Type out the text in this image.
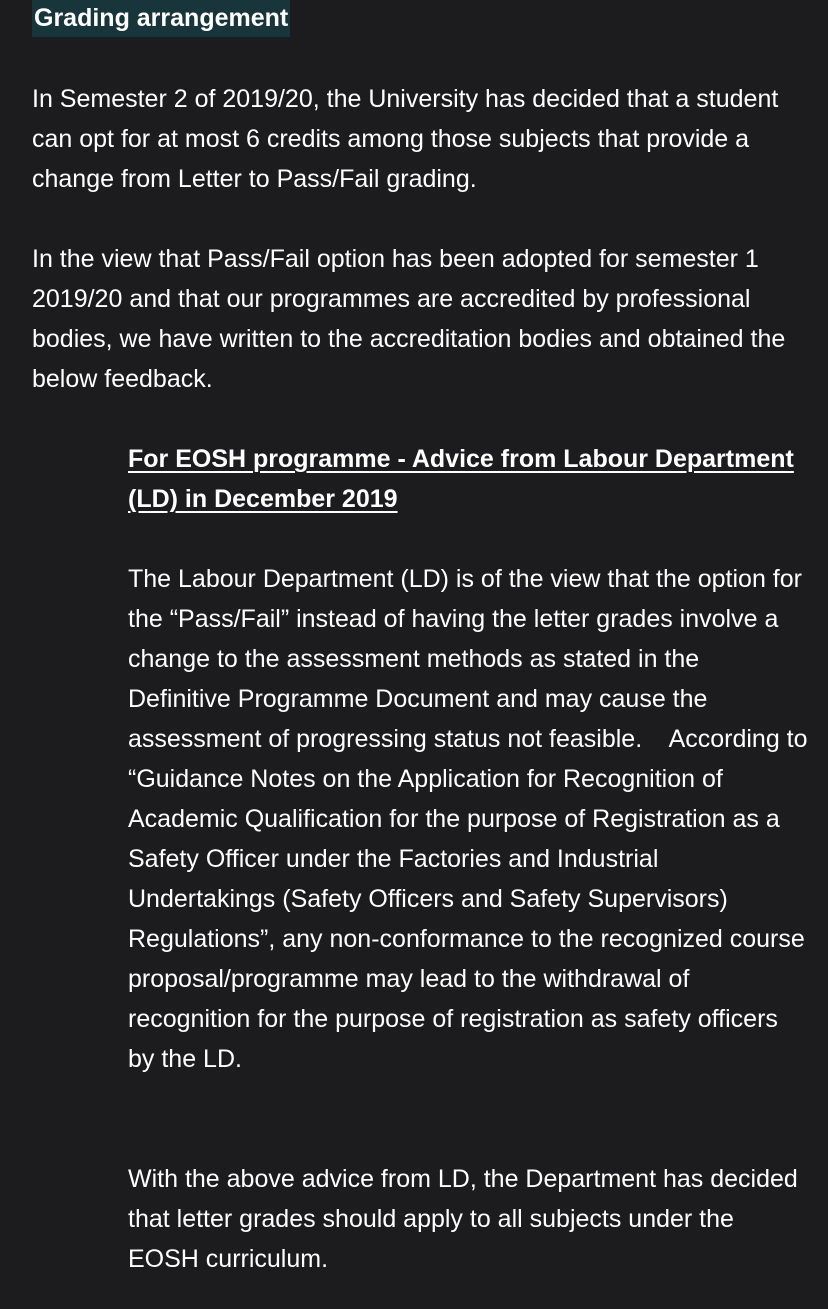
Grading arrangement

In Semester 2 of 2019/20, the University has decided that a student can opt for at most 6 credits among those subjects that provide a change from Letter to Pass/Fail grading.

In the view that Pass/Fail option has been adopted for semester 1 2019/20 and that our programmes are accredited by professional bodies, we have written to the accreditation bodies and obtained the below feedback.

For EOSH programme - Advice from Labour Department (LD) in December 2019

The Labour Department (LD) is of the view that the option for the “Pass/Fail” instead of having the letter grades involve a change to the assessment methods as stated in the Definitive Programme Document and may cause the assessment of progressing status not feasible.    According to “Guidance Notes on the Application for Recognition of Academic Qualification for the purpose of Registration as a Safety Officer under the Factories and Industrial Undertakings (Safety Officers and Safety Supervisors) Regulations”, any non-conformance to the recognized course proposal/programme may lead to the withdrawal of recognition for the purpose of registration as safety officers by the LD.

With the above advice from LD, the Department has decided that letter grades should apply to all subjects under the EOSH curriculum.
